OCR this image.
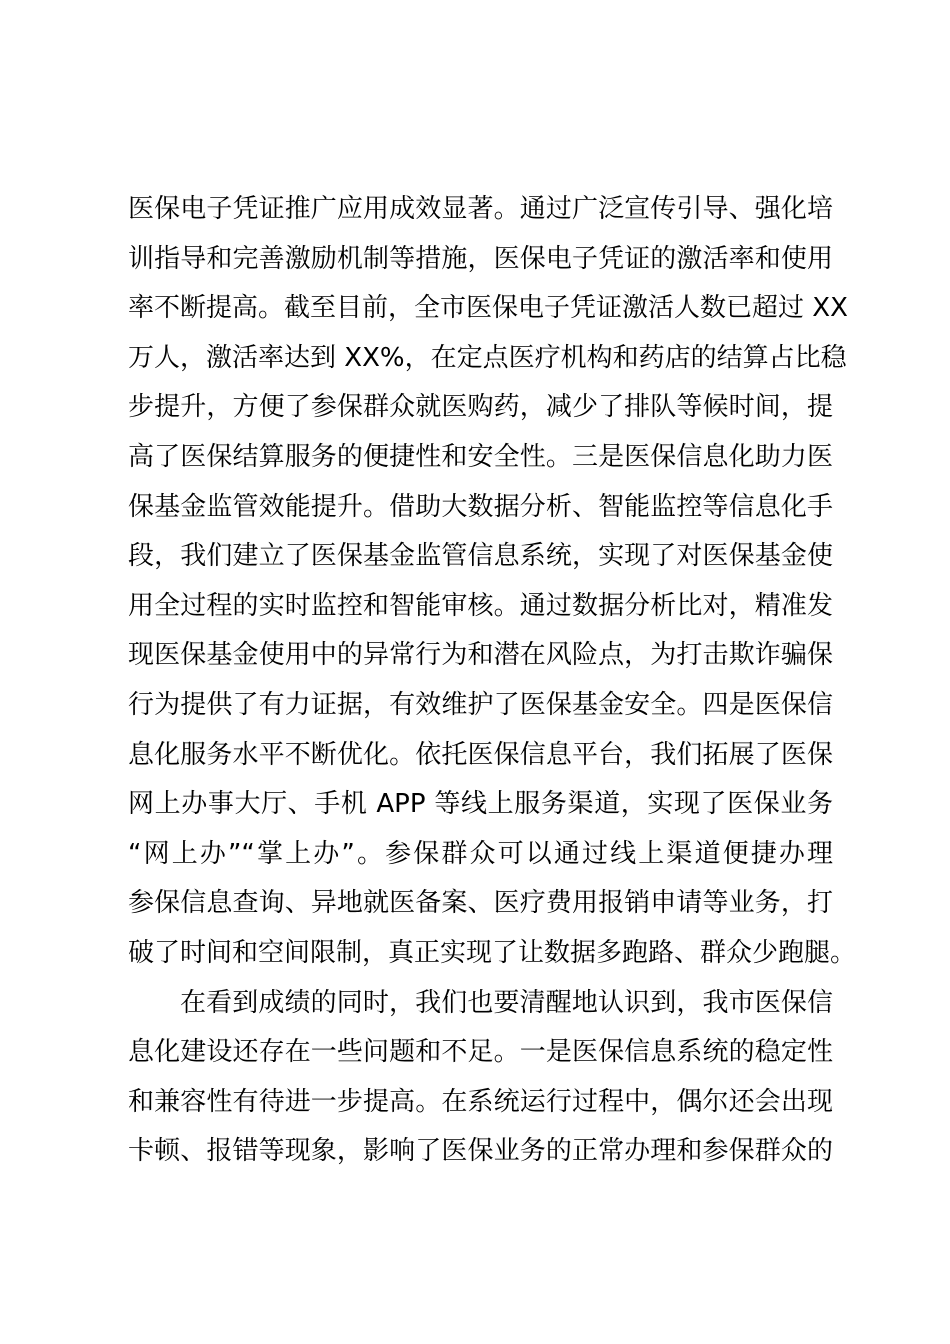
医保电子凭证推广应用成效显著。通过广泛宣传引导、强化培
训指导和完善激励机制等措施，医保电子凭证的激活率和使用
率不断提高。截至目前，全市医保电子凭证激活人数已超过 XX
万人，激活率达到 XX%，在定点医疗机构和药店的结算占比稳
步提升，方便了参保群众就医购药，减少了排队等候时间，提
高了医保结算服务的便捷性和安全性。三是医保信息化助力医
保基金监管效能提升。借助大数据分析、智能监控等信息化手
段，我们建立了医保基金监管信息系统，实现了对医保基金使
用全过程的实时监控和智能审核。通过数据分析比对，精准发
现医保基金使用中的异常行为和潜在风险点，为打击欺诈骗保
行为提供了有力证据，有效维护了医保基金安全。四是医保信
息化服务水平不断优化。依托医保信息平台，我们拓展了医保
网上办事大厅、手机 APP 等线上服务渠道，实现了医保业务
“网上办”“掌上办”。参保群众可以通过线上渠道便捷办理
参保信息查询、异地就医备案、医疗费用报销申请等业务，打
破了时间和空间限制，真正实现了让数据多跑路、群众少跑腿。
在看到成绩的同时，我们也要清醒地认识到，我市医保信
息化建设还存在一些问题和不足。一是医保信息系统的稳定性
和兼容性有待进一步提高。在系统运行过程中，偶尔还会出现
卡顿、报错等现象，影响了医保业务的正常办理和参保群众的
